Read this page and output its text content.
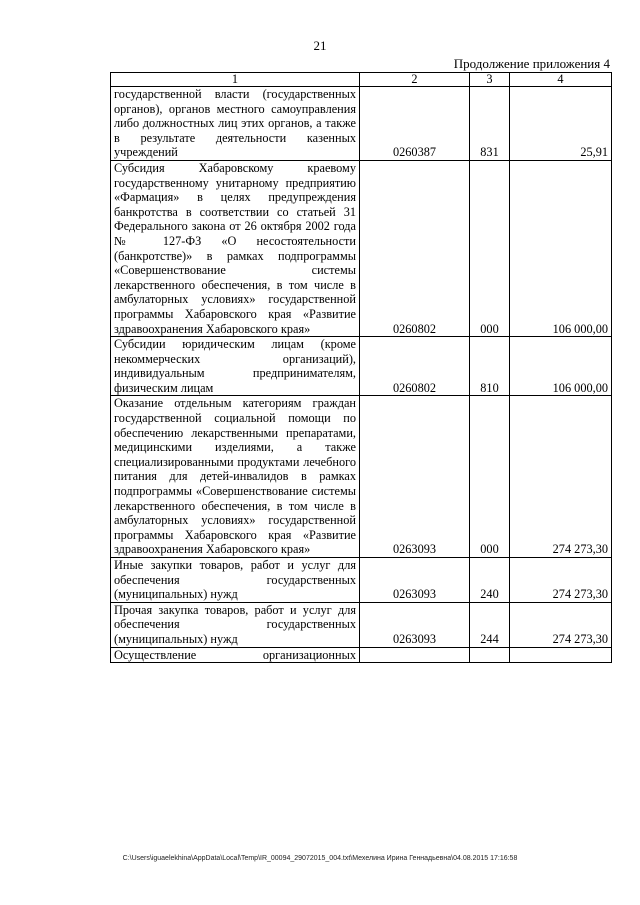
21
Продолжение приложения 4
1	2	3	4
государственной власти (государственных органов), органов местного самоуправления либо должностных лиц этих органов, а также в результате деятельности казенных учреждений	0260387	831	25,91
Субсидия Хабаровскому краевому государственному унитарному предприятию «Фармация» в целях предупреждения банкротства в соответствии со статьей 31 Федерального закона от 26 октября 2002 года № 127-ФЗ «О несостоятельности (банкротстве)» в рамках подпрограммы «Совершенствование системы лекарственного обеспечения, в том числе в амбулаторных условиях» государственной программы Хабаровского края «Развитие здравоохранения Хабаровского края»	0260802	000	106 000,00
Субсидии юридическим лицам (кроме некоммерческих организаций), индивидуальным предпринимателям, физическим лицам	0260802	810	106 000,00
Оказание отдельным категориям граждан государственной социальной помощи по обеспечению лекарственными препаратами, медицинскими изделиями, а также специализированными продуктами лечебного питания для детей-инвалидов в рамках подпрограммы «Совершенствование системы лекарственного обеспечения, в том числе в амбулаторных условиях» государственной программы Хабаровского края «Развитие здравоохранения Хабаровского края»	0263093	000	274 273,30
Иные закупки товаров, работ и услуг для обеспечения государственных (муниципальных) нужд	0263093	240	274 273,30
Прочая закупка товаров, работ и услуг для обеспечения государственных (муниципальных) нужд	0263093	244	274 273,30
Осуществление организационных			
C:\Users\iguaelekhina\AppData\Local\Temp\IR_00094_29072015_004.txt\Мехелина Ирина Геннадьевна\04.08.2015 17:16:58
